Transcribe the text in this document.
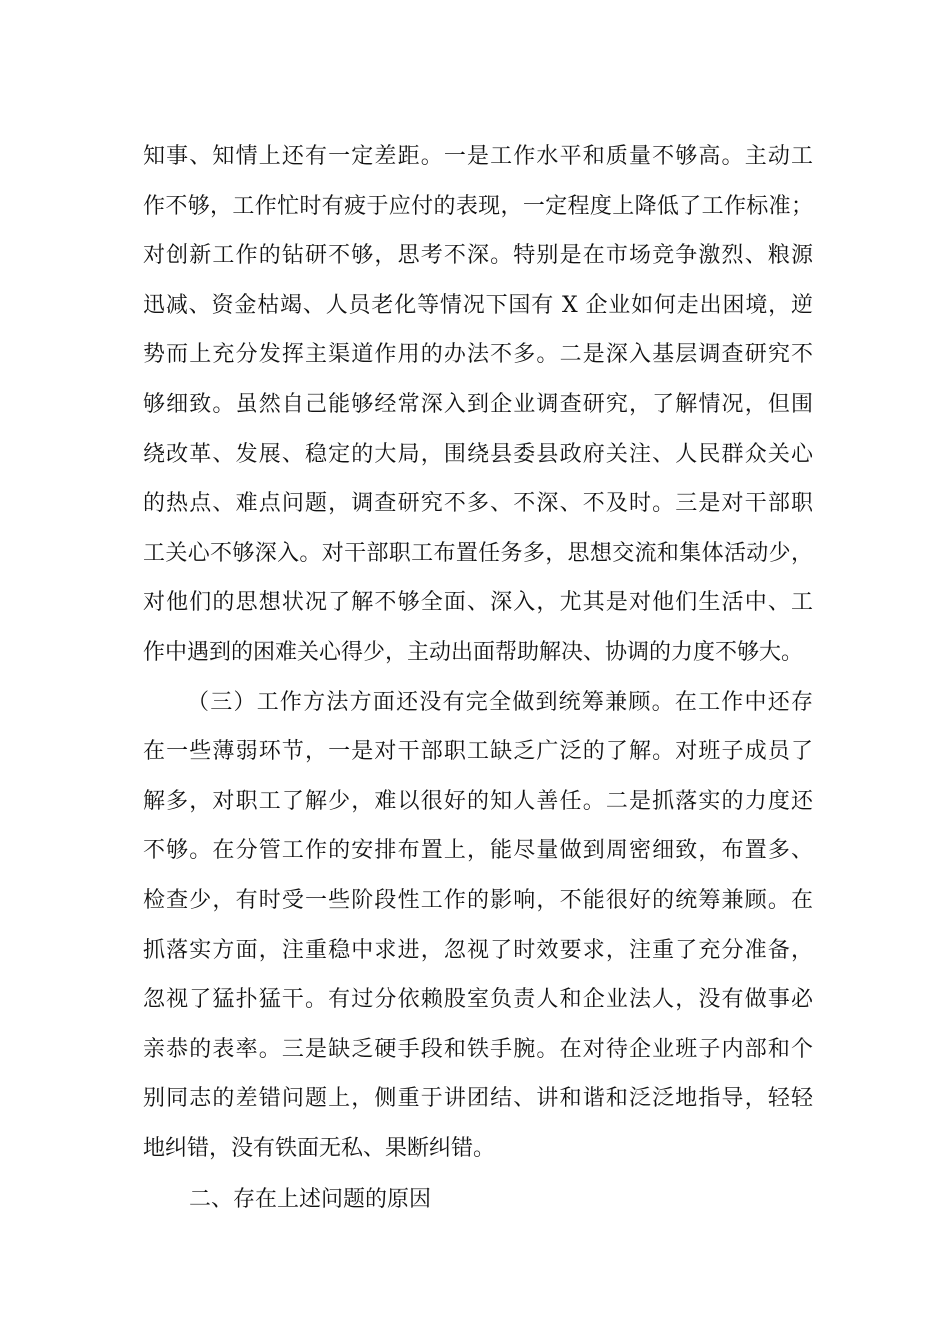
知事、知情上还有一定差距。一是工作水平和质量不够高。主动工
作不够，工作忙时有疲于应付的表现，一定程度上降低了工作标准；
对创新工作的钻研不够，思考不深。特别是在市场竞争激烈、粮源
迅减、资金枯竭、人员老化等情况下国有 X 企业如何走出困境，逆
势而上充分发挥主渠道作用的办法不多。二是深入基层调查研究不
够细致。虽然自己能够经常深入到企业调查研究，了解情况，但围
绕改革、发展、稳定的大局，围绕县委县政府关注、人民群众关心
的热点、难点问题，调查研究不多、不深、不及时。三是对干部职
工关心不够深入。对干部职工布置任务多，思想交流和集体活动少，
对他们的思想状况了解不够全面、深入，尤其是对他们生活中、工
作中遇到的困难关心得少，主动出面帮助解决、协调的力度不够大。
（三）工作方法方面还没有完全做到统筹兼顾。在工作中还存
在一些薄弱环节，一是对干部职工缺乏广泛的了解。对班子成员了
解多，对职工了解少，难以很好的知人善任。二是抓落实的力度还
不够。在分管工作的安排布置上，能尽量做到周密细致，布置多、
检查少，有时受一些阶段性工作的影响，不能很好的统筹兼顾。在
抓落实方面，注重稳中求进，忽视了时效要求，注重了充分准备，
忽视了猛扑猛干。有过分依赖股室负责人和企业法人，没有做事必
亲恭的表率。三是缺乏硬手段和铁手腕。在对待企业班子内部和个
别同志的差错问题上，侧重于讲团结、讲和谐和泛泛地指导，轻轻
地纠错，没有铁面无私、果断纠错。
二、存在上述问题的原因
